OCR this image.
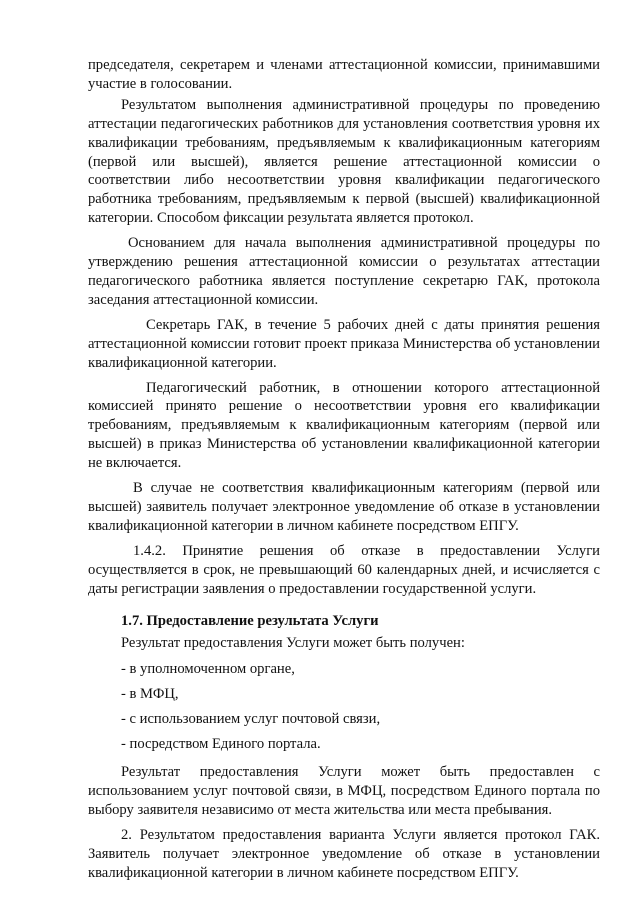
председателя, секретарем и членами аттестационной комиссии, принимавшими участие в голосовании.

Результатом выполнения административной процедуры по проведению аттестации педагогических работников для установления соответствия уровня их квалификации требованиям, предъявляемым к квалификационным категориям (первой или высшей), является решение аттестационной комиссии о соответствии либо несоответствии уровня квалификации педагогического работника требованиям, предъявляемым к первой (высшей) квалификационной категории. Способом фиксации результата является протокол.

Основанием для начала выполнения административной процедуры по утверждению решения аттестационной комиссии о результатах аттестации педагогического работника является поступление секретарю ГАК, протокола заседания аттестационной комиссии.

Секретарь ГАК, в течение 5 рабочих дней с даты принятия решения аттестационной комиссии готовит проект приказа Министерства об установлении квалификационной категории.

Педагогический работник, в отношении которого аттестационной комиссией принято решение о несоответствии уровня его квалификации требованиям, предъявляемым к квалификационным категориям (первой или высшей) в приказ Министерства об установлении квалификационной категории не включается.

В случае не соответствия квалификационным категориям (первой или высшей) заявитель получает электронное уведомление об отказе в установлении квалификационной категории в личном кабинете посредством ЕПГУ.

1.4.2. Принятие решения об отказе в предоставлении Услуги осуществляется в срок, не превышающий 60 календарных дней, и исчисляется с даты регистрации заявления о предоставлении государственной услуги.

1.7. Предоставление результата Услуги

Результат предоставления Услуги может быть получен:

- в уполномоченном органе,
- в МФЦ,
- с использованием услуг почтовой связи,
- посредством Единого портала.

Результат предоставления Услуги может быть предоставлен с использованием услуг почтовой связи, в МФЦ, посредством Единого портала по выбору заявителя независимо от места жительства или места пребывания.

2. Результатом предоставления варианта Услуги является протокол ГАК. Заявитель получает электронное уведомление об отказе в установлении квалификационной категории в личном кабинете посредством ЕПГУ.
